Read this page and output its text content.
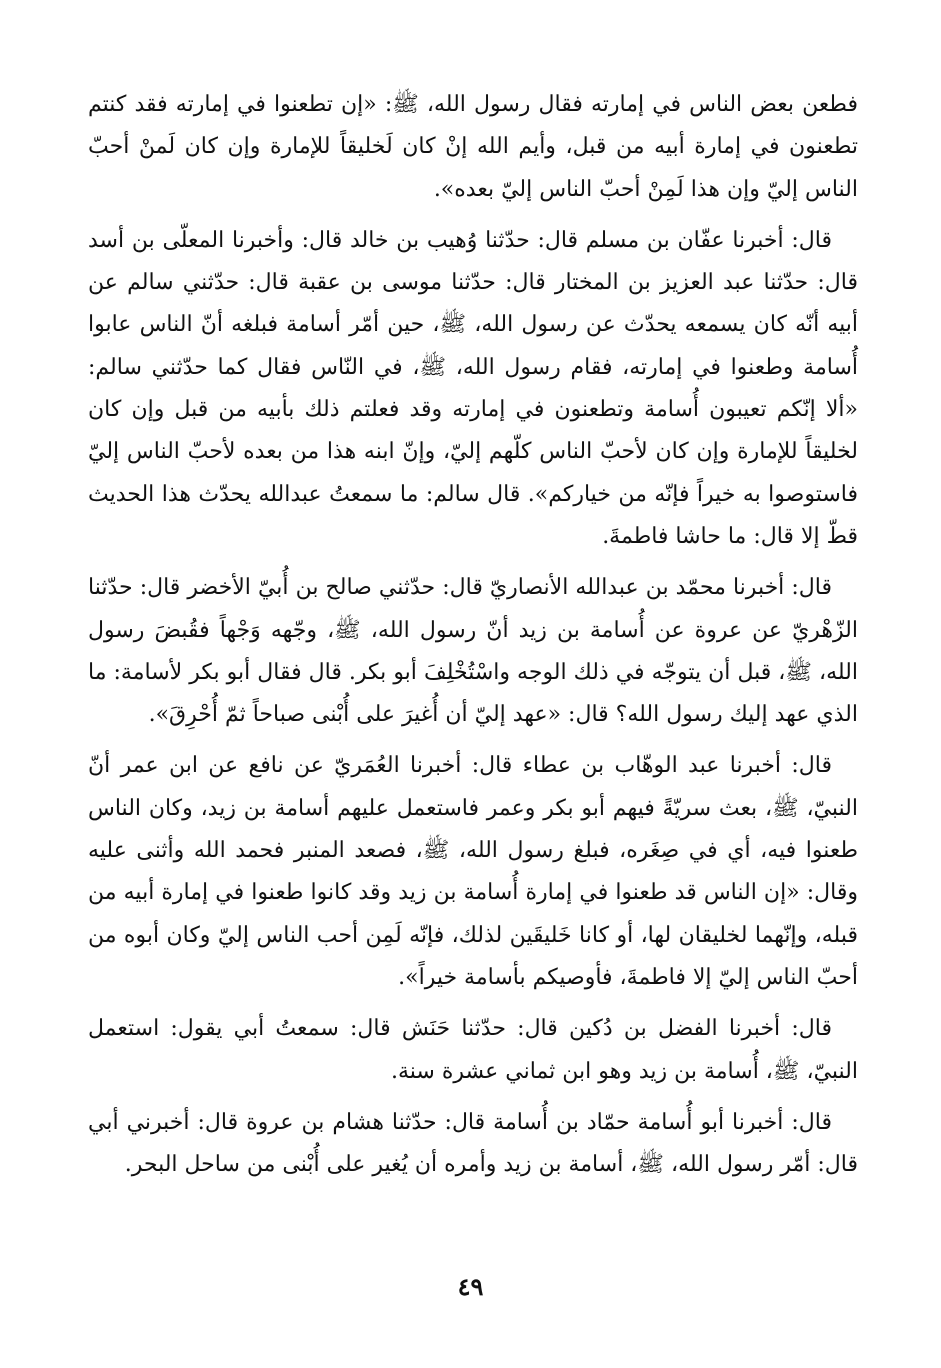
فطعن بعض الناس في إمارته فقال رسول الله، ﷺ: «إن تطعنوا في إمارته فقد كنتم تطعنون في إمارة أبيه من قبل، وأيم الله إنْ كان لَخليقاً للإمارة وإن كان لَمنْ أحبّ الناس إليّ وإن هذا لَمِنْ أحبّ الناس إليّ بعده».

قال: أخبرنا عفّان بن مسلم قال: حدّثنا وُهيب بن خالد قال: وأخبرنا المعلّى بن أسد قال: حدّثنا عبد العزيز بن المختار قال: حدّثنا موسى بن عقبة قال: حدّثني سالم عن أبيه أنّه كان يسمعه يحدّث عن رسول الله، ﷺ، حين أمّر أسامة فبلغه أنّ الناس عابوا أُسامة وطعنوا في إمارته، فقام رسول الله، ﷺ، في النّاس فقال كما حدّثني سالم: «ألا إنّكم تعيبون أُسامة وتطعنون في إمارته وقد فعلتم ذلك بأبيه من قبل وإن كان لخليقاً للإمارة وإن كان لأحبّ الناس كلّهم إليّ، وإنّ ابنه هذا من بعده لأحبّ الناس إليّ فاستوصوا به خيراً فإنّه من خياركم». قال سالم: ما سمعتُ عبدالله يحدّث هذا الحديث قطّ إلا قال: ما حاشا فاطمةَ.

قال: أخبرنا محمّد بن عبدالله الأنصاريّ قال: حدّثني صالح بن أُبيّ الأخضر قال: حدّثنا الزّهْريّ عن عروة عن أُسامة بن زيد أنّ رسول الله، ﷺ، وجّهه وَجْهاً فقُبضَ رسول الله، ﷺ، قبل أن يتوجّه في ذلك الوجه واسْتُخْلِفَ أبو بكر. قال فقال أبو بكر لأسامة: ما الذي عهد إليك رسول الله؟ قال: «عهد إليّ أن أُغيرَ على أُبْنى صباحاً ثمّ أُحْرِقَ».

قال: أخبرنا عبد الوهّاب بن عطاء قال: أخبرنا العُمَريّ عن نافع عن ابن عمر أنّ النبيّ، ﷺ، بعث سريّةً فيهم أبو بكر وعمر فاستعمل عليهم أسامة بن زيد، وكان الناس طعنوا فيه، أي في صِغَره، فبلغ رسول الله، ﷺ، فصعد المنبر فحمد الله وأثنى عليه وقال: «إن الناس قد طعنوا في إمارة أُسامة بن زيد وقد كانوا طعنوا في إمارة أبيه من قبله، وإنّهما لخليقان لها، أو كانا خَليقَين لذلك، فإنّه لَمِن أحب الناس إليّ وكان أبوه من أحبّ الناس إليّ إلا فاطمةَ، فأوصيكم بأسامة خيراً».

قال: أخبرنا الفضل بن دُكين قال: حدّثنا حَنَش قال: سمعتُ أبي يقول: استعمل النبيّ، ﷺ، أُسامة بن زيد وهو ابن ثماني عشرة سنة.

قال: أخبرنا أبو أُسامة حمّاد بن أُسامة قال: حدّثنا هشام بن عروة قال: أخبرني أبي قال: أمّر رسول الله، ﷺ، أسامة بن زيد وأمره أن يُغير على أُبْنى من ساحل البحر.

٤٩
